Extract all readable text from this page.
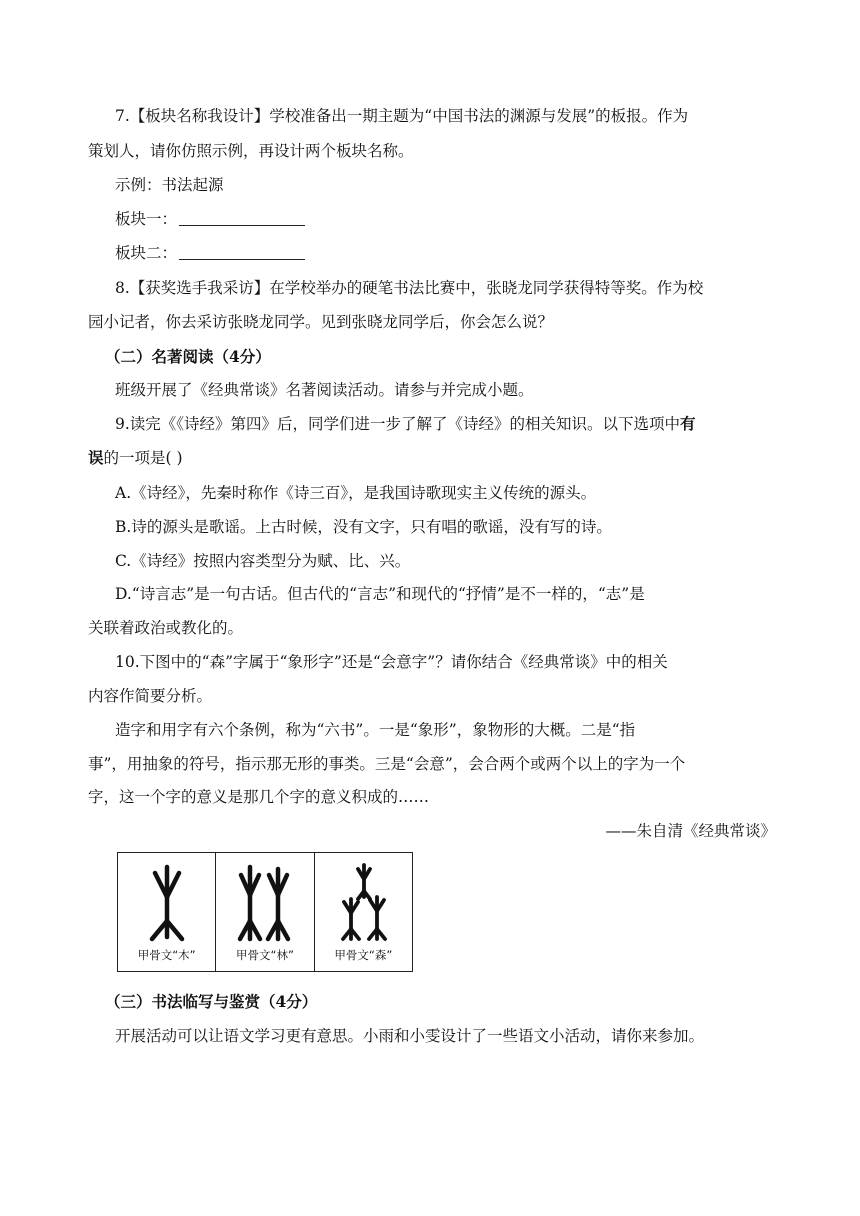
7.【板块名称我设计】学校准备出一期主题为“中国书法的渊源与发展”的板报。作为
策划人，请你仿照示例，再设计两个板块名称。
示例：书法起源
板块一：
板块二：
8.【获奖选手我采访】在学校举办的硬笔书法比赛中，张晓龙同学获得特等奖。作为校
园小记者，你去采访张晓龙同学。见到张晓龙同学后，你会怎么说？
（二）名著阅读（4分）
班级开展了《经典常谈》名著阅读活动。请参与并完成小题。
9.读完《《诗经》第四》后，同学们进一步了解了《诗经》的相关知识。以下选项中有
误的一项是( )
A.《诗经》，先秦时称作《诗三百》，是我国诗歌现实主义传统的源头。
B.诗的源头是歌谣。上古时候，没有文字，只有唱的歌谣，没有写的诗。
C.《诗经》按照内容类型分为赋、比、兴。
D.“诗言志”是一句古话。但古代的“言志”和现代的“抒情”是不一样的，“志”是
关联着政治或教化的。
10.下图中的“森”字属于“象形字”还是“会意字”？请你结合《经典常谈》中的相关
内容作简要分析。
造字和用字有六个条例，称为“六书”。一是“象形”，象物形的大概。二是“指
事”，用抽象的符号，指示那无形的事类。三是“会意”，会合两个或两个以上的字为一个
字，这一个字的意义是那几个字的意义积成的……
——朱自清《经典常谈》
甲骨文“木”	甲骨文“林”	甲骨文“森”
（三）书法临写与鉴赏（4分）
开展活动可以让语文学习更有意思。小雨和小雯设计了一些语文小活动，请你来参加。
